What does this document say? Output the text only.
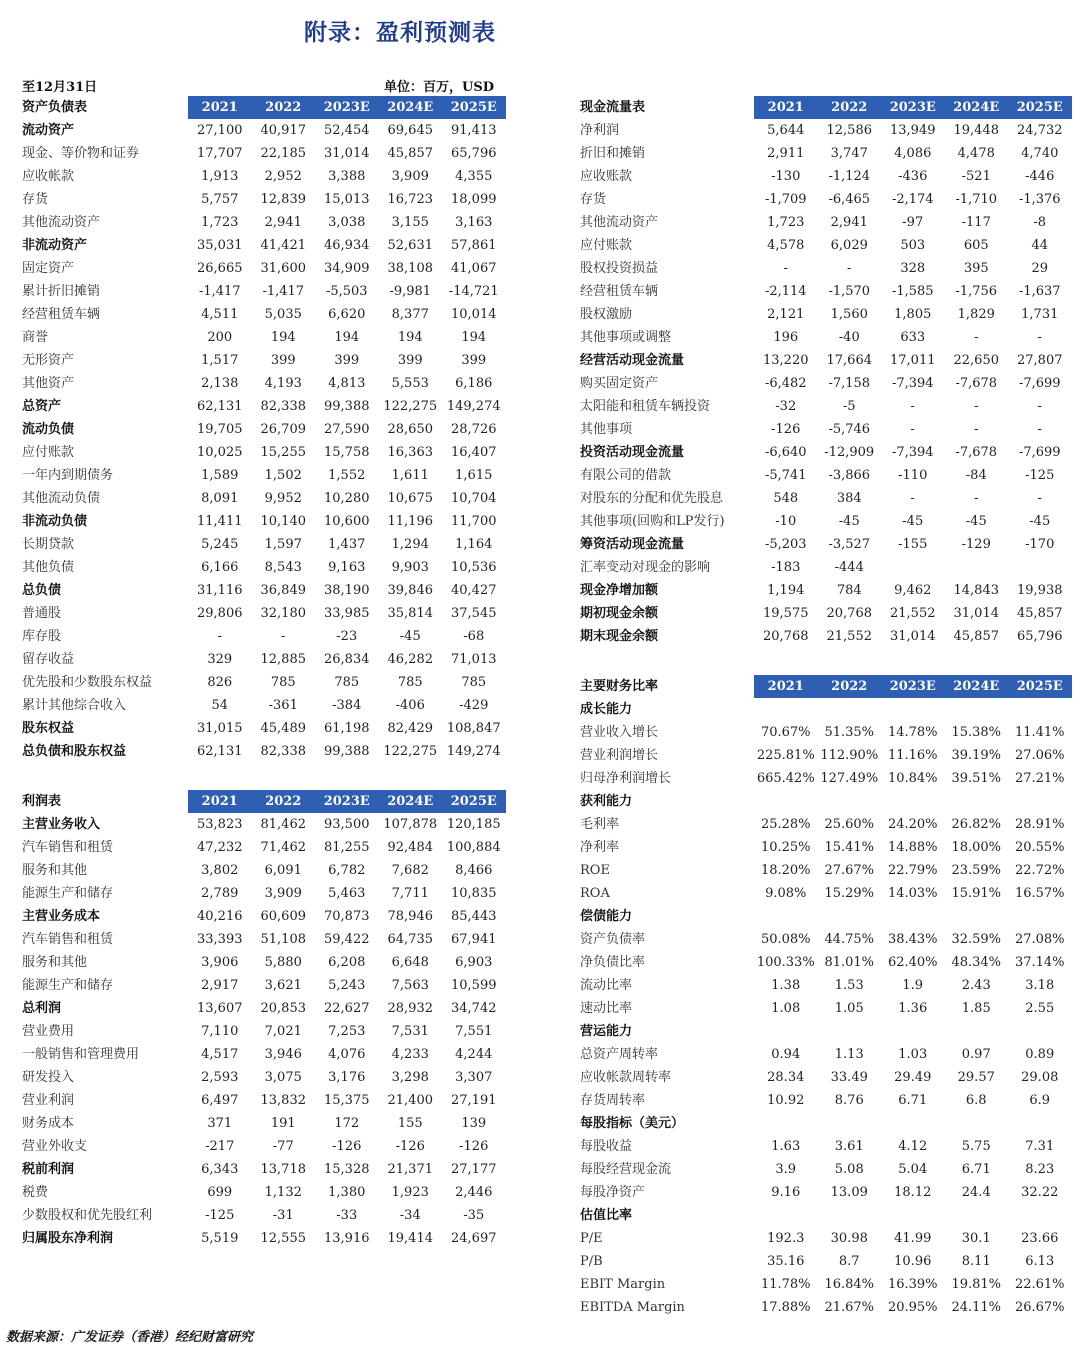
附录：盈利预测表
至12月31日	单位：百万，USD
资产负债表	2021	2022	2023E	2024E	2025E
流动资产	27,100	40,917	52,454	69,645	91,413
现金、等价物和证券	17,707	22,185	31,014	45,857	65,796
应收帐款	1,913	2,952	3,388	3,909	4,355
存货	5,757	12,839	15,013	16,723	18,099
其他流动资产	1,723	2,941	3,038	3,155	3,163
非流动资产	35,031	41,421	46,934	52,631	57,861
固定资产	26,665	31,600	34,909	38,108	41,067
累计折旧摊销	-1,417	-1,417	-5,503	-9,981	-14,721
经营租赁车辆	4,511	5,035	6,620	8,377	10,014
商誉	200	194	194	194	194
无形资产	1,517	399	399	399	399
其他资产	2,138	4,193	4,813	5,553	6,186
总资产	62,131	82,338	99,388	122,275	149,274
流动负债	19,705	26,709	27,590	28,650	28,726
应付账款	10,025	15,255	15,758	16,363	16,407
一年内到期债务	1,589	1,502	1,552	1,611	1,615
其他流动负债	8,091	9,952	10,280	10,675	10,704
非流动负债	11,411	10,140	10,600	11,196	11,700
长期贷款	5,245	1,597	1,437	1,294	1,164
其他负债	6,166	8,543	9,163	9,903	10,536
总负债	31,116	36,849	38,190	39,846	40,427
普通股	29,806	32,180	33,985	35,814	37,545
库存股	-	-	-23	-45	-68
留存收益	329	12,885	26,834	46,282	71,013
优先股和少数股东权益	826	785	785	785	785
累计其他综合收入	54	-361	-384	-406	-429
股东权益	31,015	45,489	61,198	82,429	108,847
总负债和股东权益	62,131	82,338	99,388	122,275	149,274
利润表	2021	2022	2023E	2024E	2025E
主营业务收入	53,823	81,462	93,500	107,878	120,185
汽车销售和租赁	47,232	71,462	81,255	92,484	100,884
服务和其他	3,802	6,091	6,782	7,682	8,466
能源生产和储存	2,789	3,909	5,463	7,711	10,835
主营业务成本	40,216	60,609	70,873	78,946	85,443
汽车销售和租赁	33,393	51,108	59,422	64,735	67,941
服务和其他	3,906	5,880	6,208	6,648	6,903
能源生产和储存	2,917	3,621	5,243	7,563	10,599
总利润	13,607	20,853	22,627	28,932	34,742
营业费用	7,110	7,021	7,253	7,531	7,551
一般销售和管理费用	4,517	3,946	4,076	4,233	4,244
研发投入	2,593	3,075	3,176	3,298	3,307
营业利润	6,497	13,832	15,375	21,400	27,191
财务成本	371	191	172	155	139
营业外收支	-217	-77	-126	-126	-126
税前利润	6,343	13,718	15,328	21,371	27,177
税费	699	1,132	1,380	1,923	2,446
少数股权和优先股红利	-125	-31	-33	-34	-35
归属股东净利润	5,519	12,555	13,916	19,414	24,697
现金流量表	2021	2022	2023E	2024E	2025E
净利润	5,644	12,586	13,949	19,448	24,732
折旧和摊销	2,911	3,747	4,086	4,478	4,740
应收账款	-130	-1,124	-436	-521	-446
存货	-1,709	-6,465	-2,174	-1,710	-1,376
其他流动资产	1,723	2,941	-97	-117	-8
应付账款	4,578	6,029	503	605	44
股权投资损益	-	-	328	395	29
经营租赁车辆	-2,114	-1,570	-1,585	-1,756	-1,637
股权激励	2,121	1,560	1,805	1,829	1,731
其他事项或调整	196	-40	633	-	-
经营活动现金流量	13,220	17,664	17,011	22,650	27,807
购买固定资产	-6,482	-7,158	-7,394	-7,678	-7,699
太阳能和租赁车辆投资	-32	-5	-	-	-
其他事项	-126	-5,746	-	-	-
投资活动现金流量	-6,640	-12,909	-7,394	-7,678	-7,699
有限公司的借款	-5,741	-3,866	-110	-84	-125
对股东的分配和优先股息	548	384	-	-	-
其他事项(回购和LP发行)	-10	-45	-45	-45	-45
筹资活动现金流量	-5,203	-3,527	-155	-129	-170
汇率变动对现金的影响	-183	-444			
现金净增加额	1,194	784	9,462	14,843	19,938
期初现金余额	19,575	20,768	21,552	31,014	45,857
期末现金余额	20,768	21,552	31,014	45,857	65,796
主要财务比率	2021	2022	2023E	2024E	2025E
成长能力					
营业收入增长	70.67%	51.35%	14.78%	15.38%	11.41%
营业利润增长	225.81%	112.90%	11.16%	39.19%	27.06%
归母净利润增长	665.42%	127.49%	10.84%	39.51%	27.21%
获利能力					
毛利率	25.28%	25.60%	24.20%	26.82%	28.91%
净利率	10.25%	15.41%	14.88%	18.00%	20.55%
ROE	18.20%	27.67%	22.79%	23.59%	22.72%
ROA	9.08%	15.29%	14.03%	15.91%	16.57%
偿债能力					
资产负债率	50.08%	44.75%	38.43%	32.59%	27.08%
净负债比率	100.33%	81.01%	62.40%	48.34%	37.14%
流动比率	1.38	1.53	1.9	2.43	3.18
速动比率	1.08	1.05	1.36	1.85	2.55
营运能力					
总资产周转率	0.94	1.13	1.03	0.97	0.89
应收帐款周转率	28.34	33.49	29.49	29.57	29.08
存货周转率	10.92	8.76	6.71	6.8	6.9
每股指标（美元）					
每股收益	1.63	3.61	4.12	5.75	7.31
每股经营现金流	3.9	5.08	5.04	6.71	8.23
每股净资产	9.16	13.09	18.12	24.4	32.22
估值比率					
P/E	192.3	30.98	41.99	30.1	23.66
P/B	35.16	8.7	10.96	8.11	6.13
EBIT Margin	11.78%	16.84%	16.39%	19.81%	22.61%
EBITDA Margin	17.88%	21.67%	20.95%	24.11%	26.67%
数据来源：广发证券（香港）经纪财富研究
